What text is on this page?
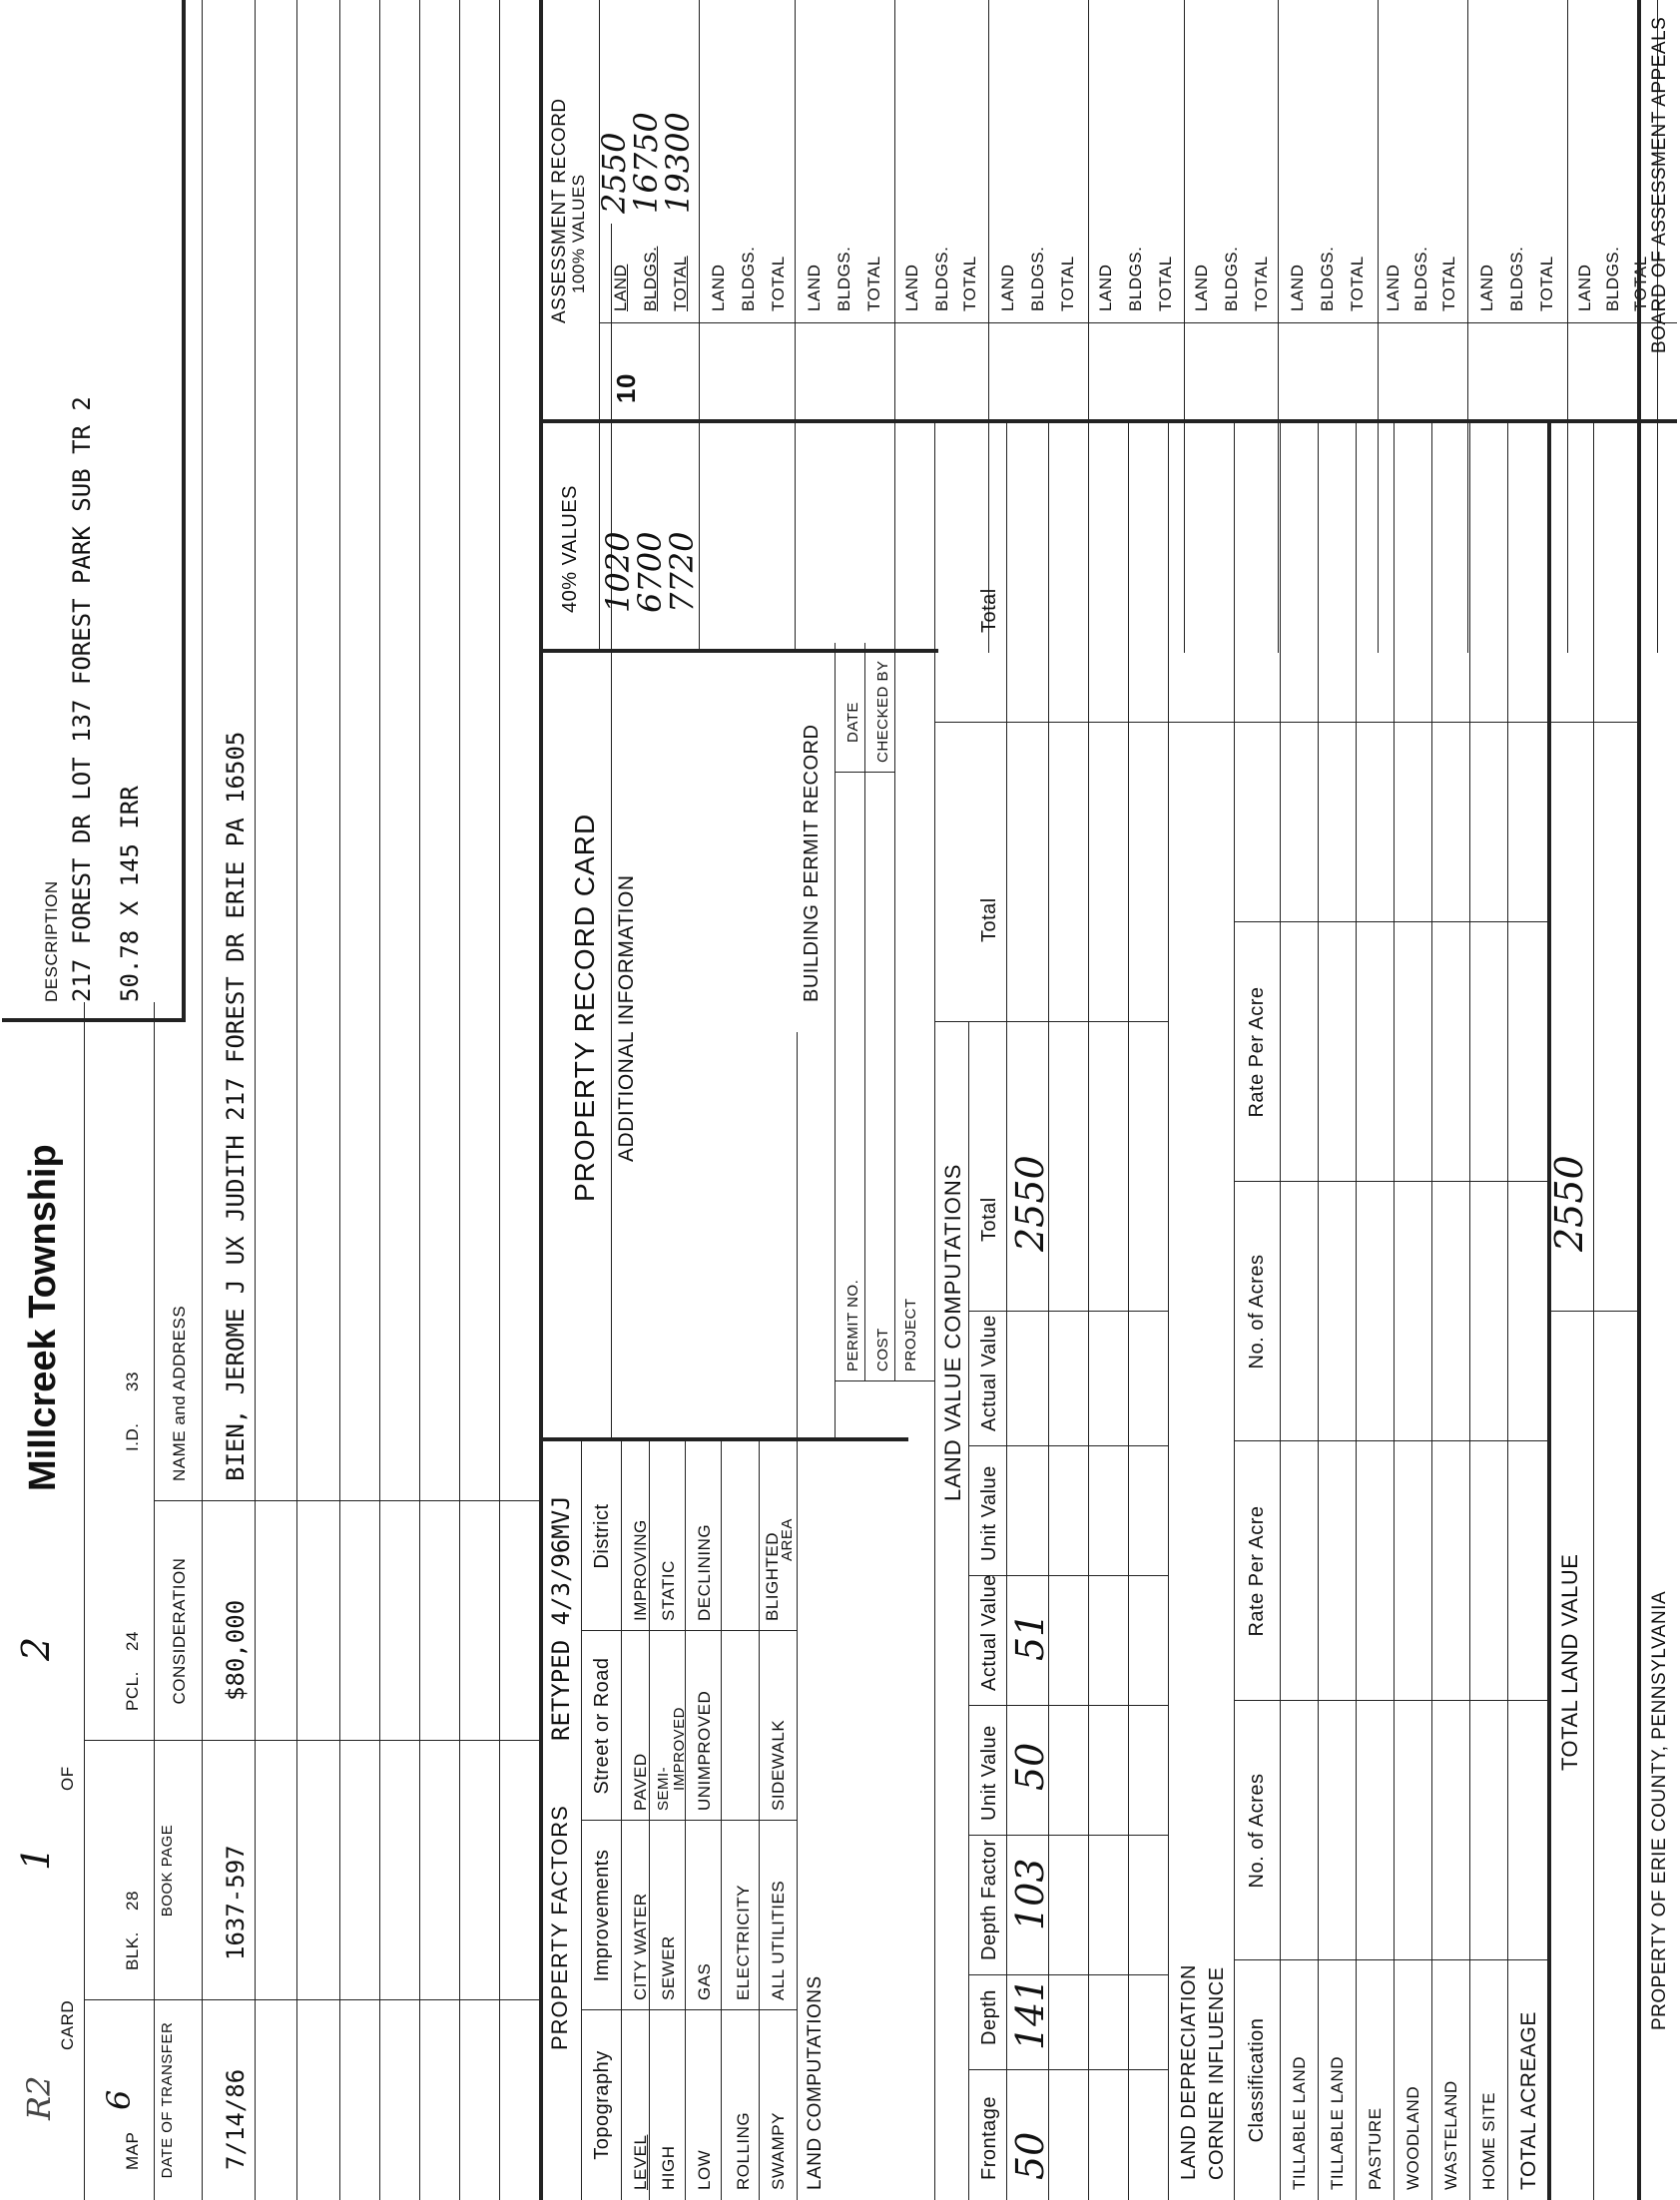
R2
CARD
1
OF
2
Millcreek Township
DESCRIPTION 217 FOREST DR LOT 137 FOREST PARK SUB TR 2
MAP
6
BLK.
28
PCL.
24
I.D.
33
50.78 X 145 IRR
DATE OF TRANSFER
BOOK PAGE
CONSIDERATION
NAME and ADDRESS
7/14/86
1637-597
$80,000
BIEN, JEROME J UX JUDITH 217 FOREST DR ERIE PA 16505
PROPERTY FACTORS
RETYPED 4/3/96MVJ
Topography
Improvements
Street or Road
District
LEVEL HIGH LOW ROLLING SWAMPY
CITY WATER SEWER GAS ELECTRICITY ALL UTILITIES
PAVED SEMI- IMPROVED UNIMPROVED	SIDEWALK
IMPROVING STATIC DECLINING	BLIGHTED
AREA
LAND COMPUTATIONS
PROPERTY RECORD CARD ADDITIONAL INFORMATION
BUILDING PERMIT RECORD
PERMIT NO. COST PROJECT
DATE CHECKED BY
40% VALUES 1020
6700
7720
ASSESSMENT RECORD 100% VALUES
10
LAND BLDGS. TOTAL
2550
16750
19300
LAND BLDGS. TOTAL LAND BLDGS. TOTAL LAND BLDGS. TOTAL LAND BLDGS. TOTAL LAND BLDGS. TOTAL LAND BLDGS. TOTAL LAND BLDGS. TOTAL LAND BLDGS. TOTAL LAND BLDGS. TOTAL LAND BLDGS. TOTAL
LAND VALUE COMPUTATIONS
Frontage
Depth
Depth Factor
Unit Value
Actual Value
Unit Value
Actual Value
Total
Total
Total
50
141
103
50
51
2550
LAND DEPRECIATION CORNER INFLUENCE Classification
No. of Acres
Rate Per Acre
No. of Acres
Rate Per Acre
TILLABLE LAND TILLABLE LAND PASTURE WOODLAND WASTELAND HOME SITE TOTAL ACREAGE
TOTAL LAND VALUE
2550
PROPERTY OF ERIE COUNTY, PENNSYLVANIA
BOARD OF ASSESSMENT APPEALS
